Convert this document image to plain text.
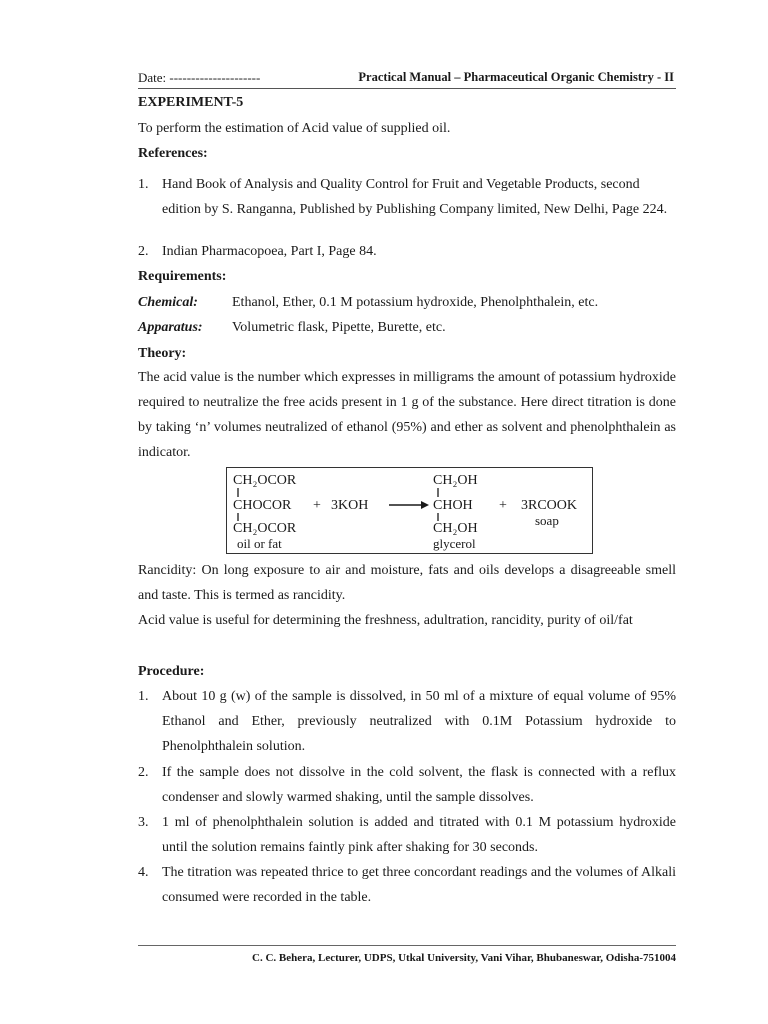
Date: ---------------------	Practical Manual – Pharmaceutical Organic Chemistry - II
EXPERIMENT-5
To perform the estimation of Acid value of supplied oil.
References:
1. Hand Book of Analysis and Quality Control for Fruit and Vegetable Products, second edition by S. Ranganna, Published by Publishing Company limited, New Delhi, Page 224.
2. Indian Pharmacopoea, Part I, Page 84.
Requirements:
Chemical: Ethanol, Ether, 0.1 M potassium hydroxide, Phenolphthalein, etc.
Apparatus: Volumetric flask, Pipette, Burette, etc.
Theory:
The acid value is the number which expresses in milligrams the amount of potassium hydroxide required to neutralize the free acids present in 1 g of the substance. Here direct titration is done by taking ‘n’ volumes neutralized of ethanol (95%) and ether as solvent and phenolphthalein as indicator.
CH₂OCOR
CHOCOR
CH₂OCOR
oil or fat
+ 3KOH
CH₂OH
CHOH
CH₂OH
glycerol
+ 3RCOOK
soap
Rancidity: On long exposure to air and moisture, fats and oils develops a disagreeable smell and taste. This is termed as rancidity.
Acid value is useful for determining the freshness, adultration, rancidity, purity of oil/fat
Procedure:
1. About 10 g (w) of the sample is dissolved, in 50 ml of a mixture of equal volume of 95% Ethanol and Ether, previously neutralized with 0.1M Potassium hydroxide to Phenolphthalein solution.
2. If the sample does not dissolve in the cold solvent, the flask is connected with a reflux condenser and slowly warmed shaking, until the sample dissolves.
3. 1 ml of phenolphthalein solution is added and titrated with 0.1 M potassium hydroxide until the solution remains faintly pink after shaking for 30 seconds.
4. The titration was repeated thrice to get three concordant readings and the volumes of Alkali consumed were recorded in the table.
C. C. Behera, Lecturer, UDPS, Utkal University, Vani Vihar, Bhubaneswar, Odisha-751004
